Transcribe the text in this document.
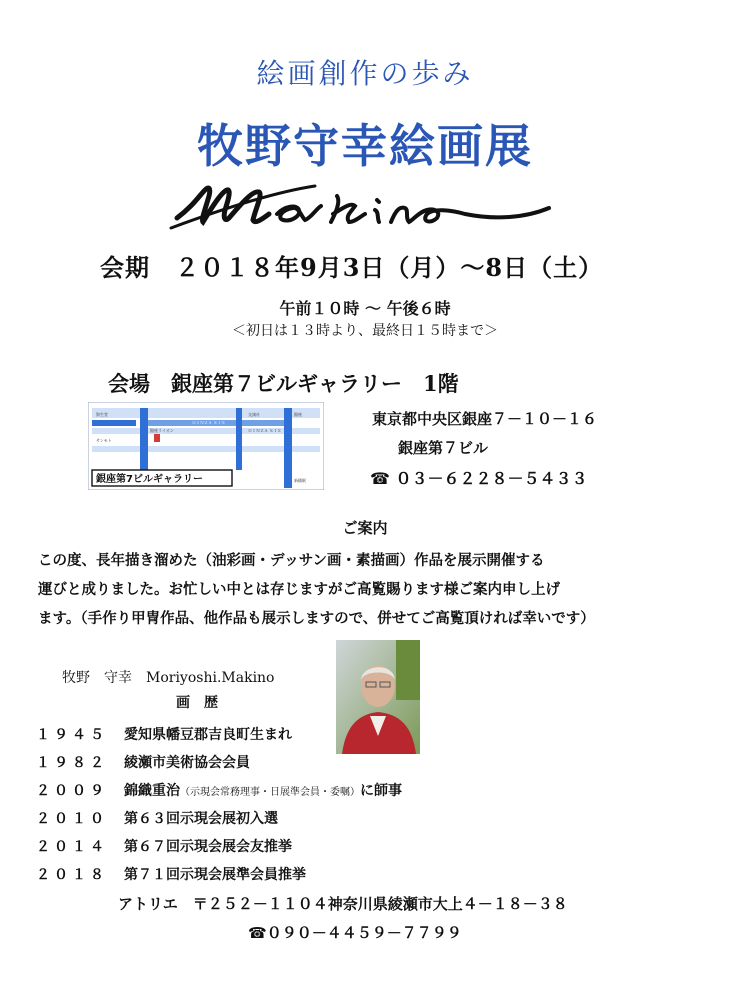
絵画創作の歩み
牧野守幸絵画展
会期　２０１８年9月3日（月）～8日（土）
午前１０時 ～ 午後６時
＜初日は１３時より、最終日１５時まで＞
会場　銀座第７ビルギャラリー　1階
資生堂
銀座ライオン
ＧＩＮＺＡ ＳＩＸ
サンモト
交詢社	銀座
新橋駅
ＧＩＮＺＡ ＳＩＸ
銀座第7ビルギャラリー
東京都中央区銀座７－１０－１６
銀座第７ビル
☎ ０３－６２２８－５４３３
ご案内
この度、長年描き溜めた（油彩画・デッサン画・素描画）作品を展示開催する
運びと成りました。お忙しい中とは存じますがご高覧賜ります様ご案内申し上げ
ます。（手作り甲冑作品、他作品も展示しますので、併せてご高覧頂ければ幸いです）
牧野　守幸　Moriyoshi.Makino
画　歴
１９４５ 愛知県幡豆郡吉良町生まれ
１９８２ 綾瀬市美術協会会員
２００９ 錦織重治（示現会常務理事・日展準会員・委嘱）に師事
２０１０ 第６３回示現会展初入選
２０１４ 第６７回示現会展会友推挙
２０１８ 第７１回示現会展準会員推挙
アトリエ　〒２５２－１１０４神奈川県綾瀬市大上４－１８－３８
☎０９０－４４５９－７７９９
